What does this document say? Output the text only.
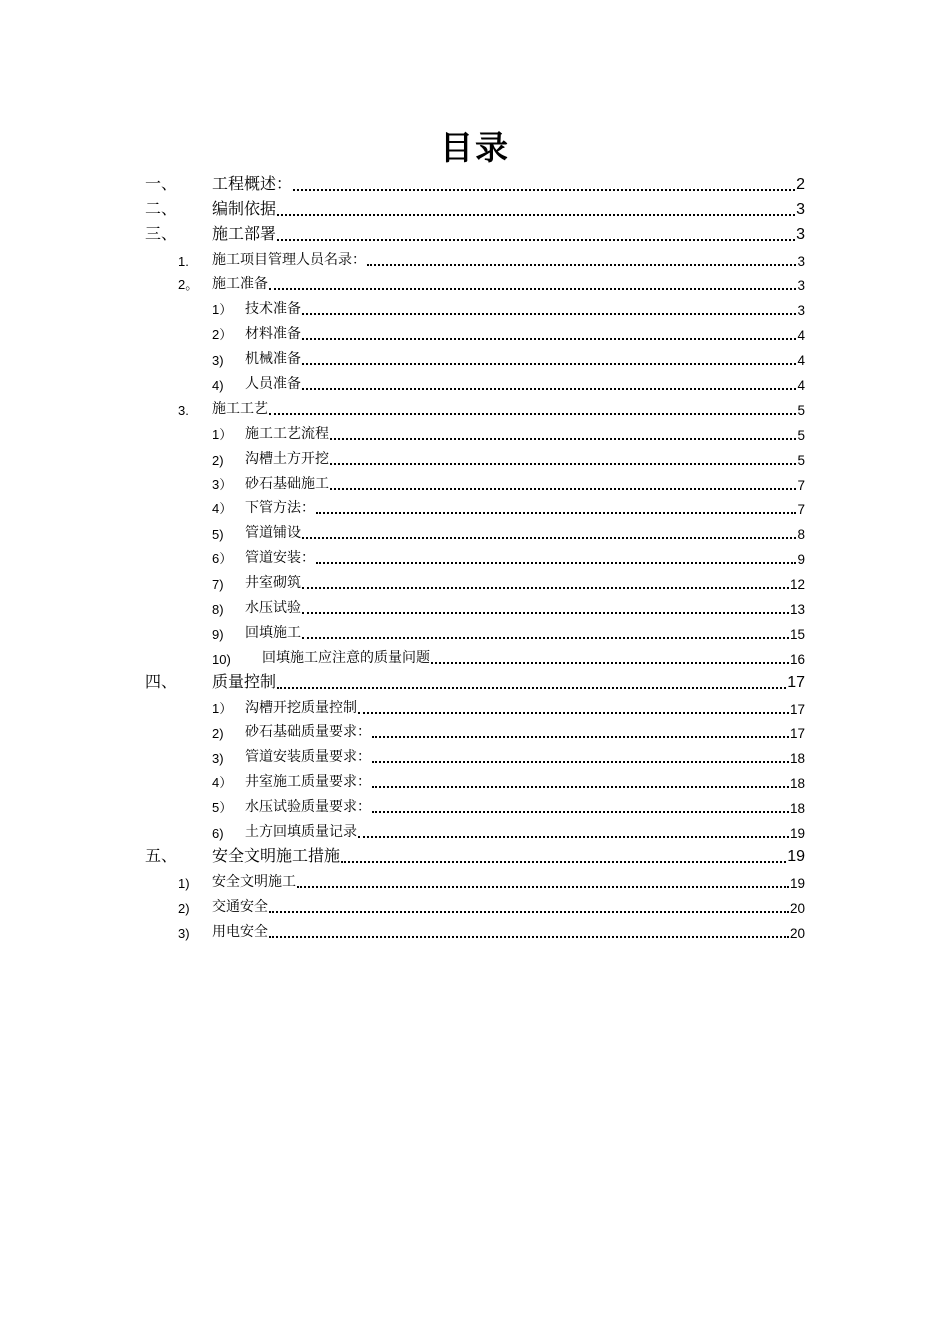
目录
一、 工程概述：	2
二、 编制依据	3
三、 施工部署	3
1. 施工项目管理人员名录：	3
2。 施工准备	3
1） 技术准备	3
2） 材料准备	4
3) 机械准备	4
4) 人员准备	4
3. 施工工艺	5
1） 施工工艺流程	5
2) 沟槽土方开挖	5
3） 砂石基础施工	7
4） 下管方法：	7
5) 管道铺设	8
6） 管道安装：	9
7) 井室砌筑	12
8) 水压试验	13
9) 回填施工	15
10) 回填施工应注意的质量问题	16
四、 质量控制	17
1） 沟槽开挖质量控制	17
2) 砂石基础质量要求：	17
3) 管道安装质量要求：	18
4） 井室施工质量要求：	18
5） 水压试验质量要求：	18
6) 土方回填质量记录	19
五、 安全文明施工措施	19
1) 安全文明施工	19
2) 交通安全	20
3) 用电安全	20
